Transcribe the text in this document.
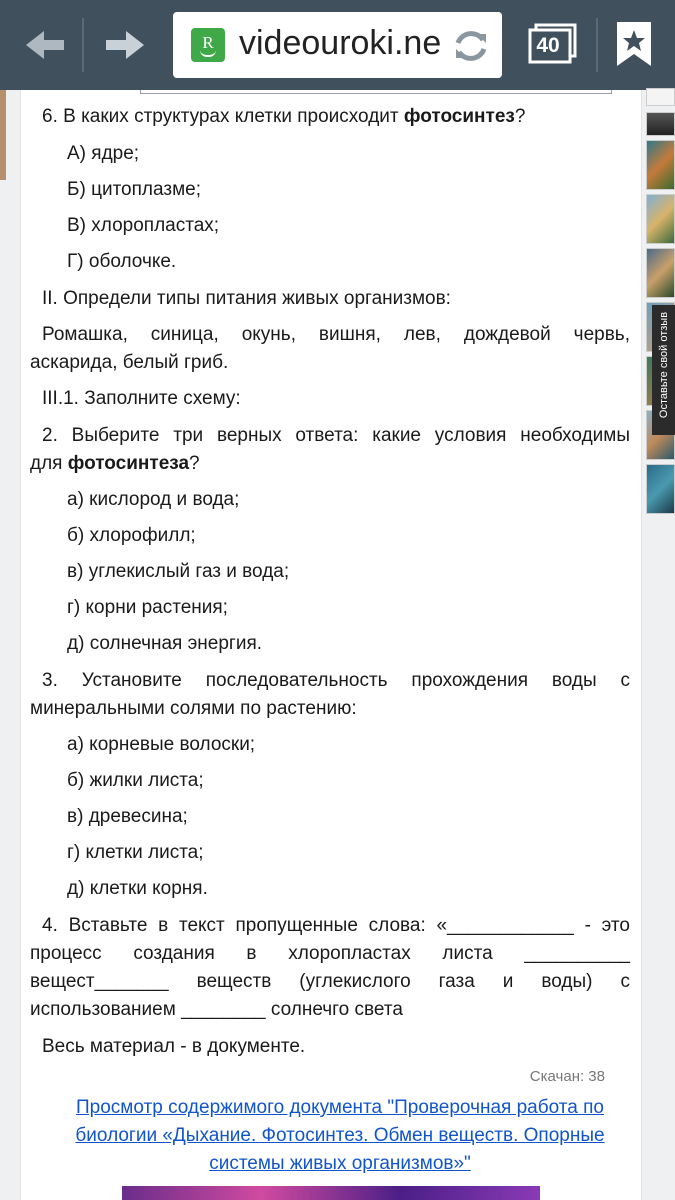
R videouroki.ne	40

6. В каких структурах клетки происходит фотосинтез?

А) ядре;

Б) цитоплазме;

В) хлоропластах;

Г) оболочке.

II. Определи типы питания живых организмов:

Ромашка, синица, окунь, вишня, лев, дождевой червь,

аскарида, белый гриб.

III.1. Заполните схему:

2. Выберите три верных ответа: какие условия необходимы

для фотосинтеза?

а) кислород и вода;

б) хлорофилл;

в) углекислый газ и вода;

г) корни растения;

д) солнечная энергия.

3. Установите последовательность прохождения воды с

минеральными солями по растению:

а) корневые волоски;

б) жилки листа;

в) древесина;

г) клетки листа;

д) клетки корня.

4. Вставьте в текст пропущенные слова: «____________ - это

процесс создания в хлоропластах листа __________

вещест_______ веществ (углекислого газа и воды) с

использованием ________ солнечго света

Весь материал - в документе.

Скачан: 38
Просмотр содержимого документа "Проверочная работа по
биологии «Дыхание. Фотосинтез. Обмен веществ. Опорные
системы живых организмов»"
Оставьте свой отзыв
